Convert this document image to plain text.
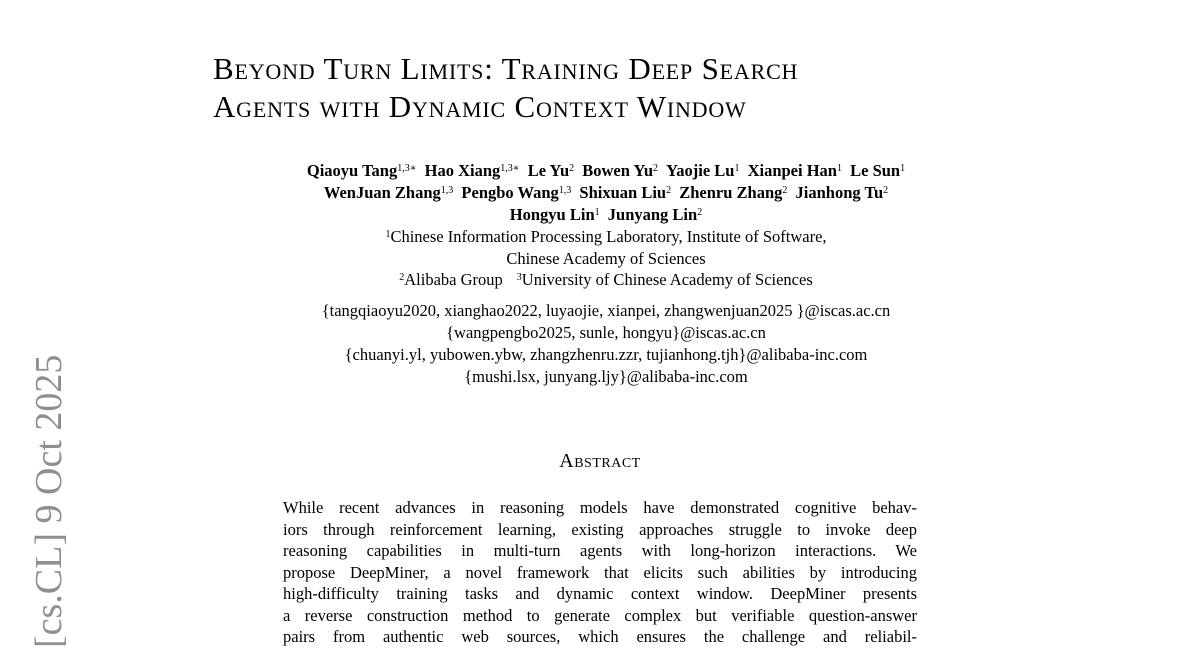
[cs.CL] 9 Oct 2025
Beyond Turn Limits: Training Deep Search
Agents with Dynamic Context Window
Qiaoyu Tang$^{1,3∗}$ Hao Xiang$^{1,3∗}$ Le Yu$^2$ Bowen Yu$^2$ Yaojie Lu$^1$ Xianpei Han$^1$ Le Sun$^1$
WenJuan Zhang$^{1,3}$ Pengbo Wang$^{1,3}$ Shixuan Liu$^2$ Zhenru Zhang$^2$ Jianhong Tu$^2$
Hongyu Lin$^1$ Junyang Lin$^2$
$^1$Chinese Information Processing Laboratory, Institute of Software,
Chinese Academy of Sciences
$^2$Alibaba Group $^3$University of Chinese Academy of Sciences
{tangqiaoyu2020, xianghao2022, luyaojie, xianpei, zhangwenjuan2025 }@iscas.ac.cn
{wangpengbo2025, sunle, hongyu}@iscas.ac.cn
{chuanyi.yl, yubowen.ybw, zhangzhenru.zzr, tujianhong.tjh}@alibaba-inc.com
{mushi.lsx, junyang.ljy}@alibaba-inc.com
Abstract
While recent advances in reasoning models have demonstrated cognitive behav-
iors through reinforcement learning, existing approaches struggle to invoke deep
reasoning capabilities in multi-turn agents with long-horizon interactions. We
propose DeepMiner, a novel framework that elicits such abilities by introducing
high-difficulty training tasks and dynamic context window. DeepMiner presents
a reverse construction method to generate complex but verifiable question-answer
pairs from authentic web sources, which ensures the challenge and reliabil-
